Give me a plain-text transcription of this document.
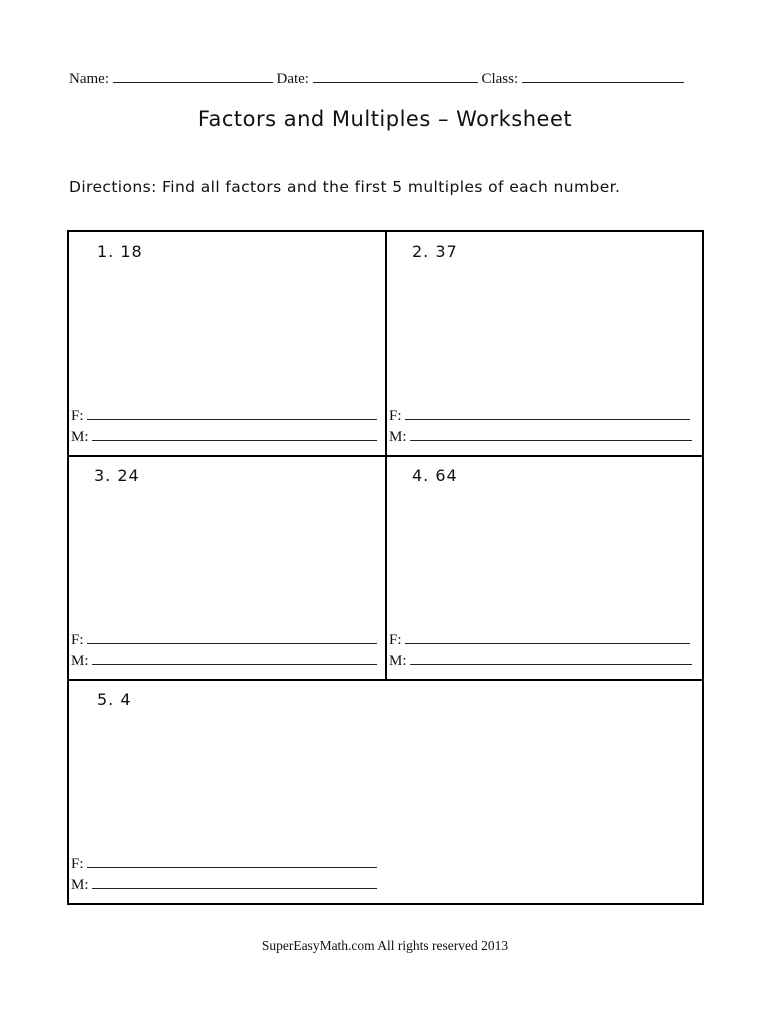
Name:	Date:	Class:
Factors and Multiples – Worksheet
Directions: Find all factors and the first 5 multiples of each number.
1. 18
F:
M:
2. 37
F:
M:
3. 24
F:
M:
4. 64
F:
M:
5. 4
F:
M:
SuperEasyMath.com All rights reserved 2013
